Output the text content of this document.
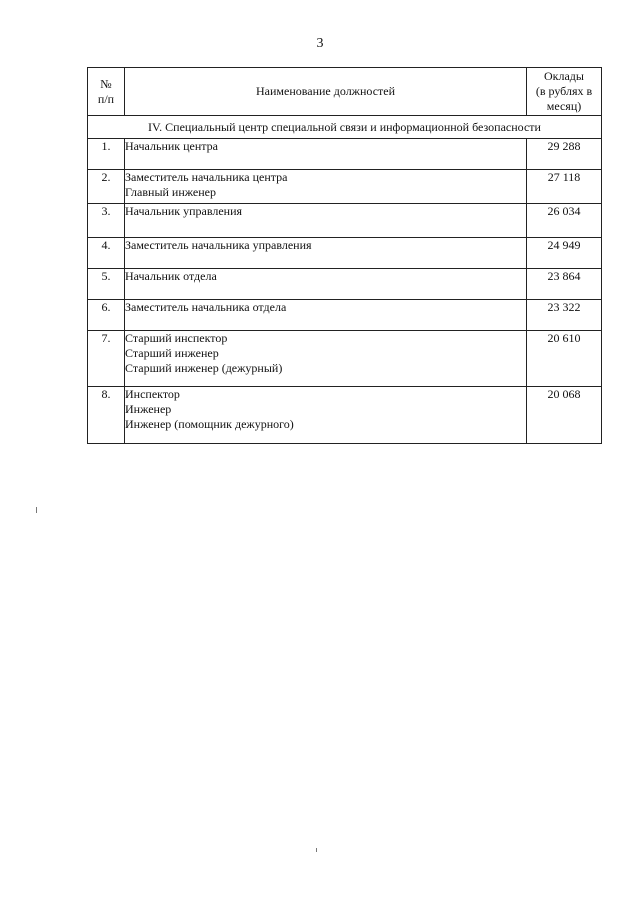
3
№
п/п	Наименование должностей	Оклады
(в рублях в
месяц)

IV. Специальный центр специальной связи и информационной безопасности		
1.	Начальник центра	29 288
2.	Заместитель начальника центра
Главный инженер	27 118
3.	Начальник управления	26 034
4.	Заместитель начальника управления	24 949
5.	Начальник отдела	23 864
6.	Заместитель начальника отдела	23 322
7.	Старший инспектор
Старший инженер
Старший инженер (дежурный)	20 610
8.	Инспектор
Инженер
Инженер (помощник дежурного)	20 068
